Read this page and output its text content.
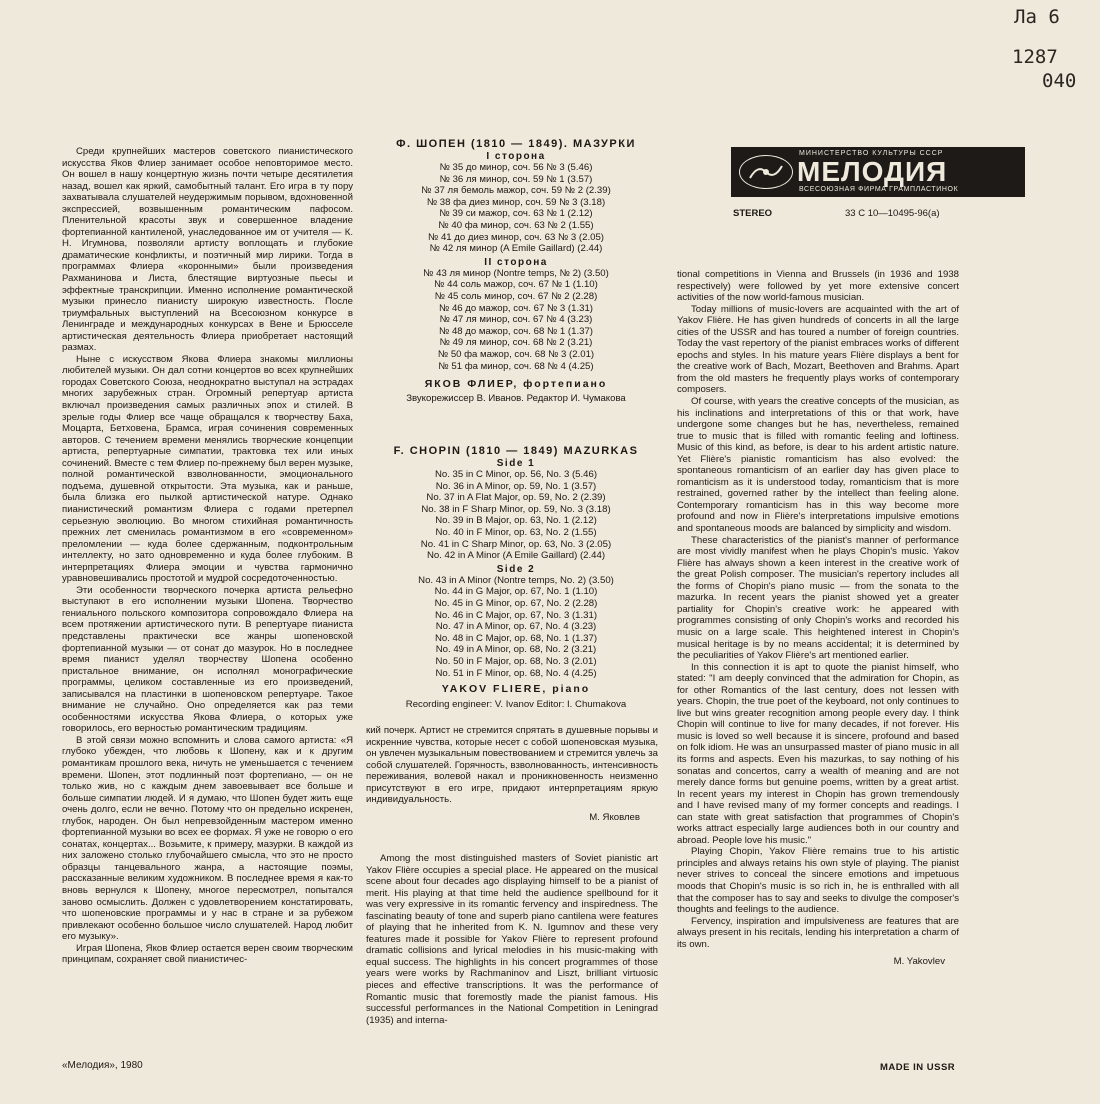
Ла 6
1287
040
МИНИСТЕРСТВО КУЛЬТУРЫ СССР
МЕЛОДИЯ
ВСЕСОЮЗНАЯ ФИРМА ГРАМПЛАСТИНОК
STEREO	33 С 10—10495-96(а)

Среди крупнейших мастеров советского пианистического искусства Яков Флиер занимает особое неповторимое место. Он вошел в нашу концертную жизнь почти четыре десятилетия назад, вошел как яркий, самобытный талант. Его игра в ту пору захватывала слушателей неудержимым порывом, вдохновенной экспрессией, возвышенным романтическим пафосом. Пленительной красоты звук и совершенное владение фортепианной кантиленой, унаследованное им от учителя — К. Н. Игумнова, позволяли артисту воплощать и глубокие драматические конфликты, и поэтичный мир лирики. Тогда в программах Флиера «коронными» были произведения Рахманинова и Листа, блестящие виртуозные пьесы и эффектные транскрипции. Именно исполнение романтической музыки принесло пианисту широкую известность. После триумфальных выступлений на Всесоюзном конкурсе в Ленинграде и международных конкурсах в Вене и Брюсселе артистическая деятельность Флиера приобретает настоящий размах.

Ныне с искусством Якова Флиера знакомы миллионы любителей музыки. Он дал сотни концертов во всех крупнейших городах Советского Союза, неоднократно выступал на эстрадах многих зарубежных стран. Огромный репертуар артиста включал произведения самых различных эпох и стилей. В зрелые годы Флиер все чаще обращался к творчеству Баха, Моцарта, Бетховена, Брамса, играя сочинения современных авторов. С течением времени менялись творческие концепции артиста, репертуарные симпатии, трактовка тех или иных сочинений. Вместе с тем Флиер по-прежнему был верен музыке, полной романтической взволнованности, эмоционального подъема, душевной открытости. Эта музыка, как и раньше, была близка его пылкой артистической натуре. Однако пианистический романтизм Флиера с годами претерпел серьезную эволюцию. Во многом стихийная романтичность прежних лет сменилась романтизмом в его «современном» преломлении — куда более сдержанным, подконтрольным интеллекту, но зато одновременно и куда более глубоким. В интерпретациях Флиера эмоции и чувства гармонично уравновешивались простотой и мудрой сосредоточенностью.

Эти особенности творческого почерка артиста рельефно выступают в его исполнении музыки Шопена. Творчество гениального польского композитора сопровождало Флиера на всем протяжении артистического пути. В репертуаре пианиста представлены практически все жанры шопеновской фортепианной музыки — от сонат до мазурок. Но в последнее время пианист уделял творчеству Шопена особенно пристальное внимание, он исполнял монографические программы, целиком составленные из его произведений, записывался на пластинки в шопеновском репертуаре. Такое внимание не случайно. Оно определяется как раз теми особенностями искусства Якова Флиера, о которых уже говорилось, его верностью романтическим традициям.

В этой связи можно вспомнить и слова самого артиста: «Я глубоко убежден, что любовь к Шопену, как и к другим романтикам прошлого века, ничуть не уменьшается с течением времени. Шопен, этот подлинный поэт фортепиано, — он не только жив, но с каждым днем завоевывает все больше и больше симпатии людей. И я думаю, что Шопен будет жить еще очень долго, если не вечно. Потому что он предельно искренен, глубок, народен. Он был непревзойденным мастером именно фортепианной музыки во всех ее формах. Я уже не говорю о его сонатах, концертах... Возьмите, к примеру, мазурки. В каждой из них заложено столько глубочайшего смысла, что это не просто образцы танцевального жанра, а настоящие поэмы, рассказанные великим художником. В последнее время я как-то вновь вернулся к Шопену, многое пересмотрел, попытался заново осмыслить. Должен с удовлетворением констатировать, что шопеновские программы и у нас в стране и за рубежом привлекают особенно большое число слушателей. Народ любит его музыку».

Играя Шопена, Яков Флиер остается верен своим творческим принципам, сохраняет свой пианистичес-

Ф. ШОПЕН (1810 — 1849). МАЗУРКИ
I сторона
№ 35 до минор, соч. 56 № 3 (5.46)
№ 36 ля минор, соч. 59 № 1 (3.57)
№ 37 ля бемоль мажор, соч. 59 № 2 (2.39)
№ 38 фа диез минор, соч. 59 № 3 (3.18)
№ 39 си мажор, соч. 63 № 1 (2.12)
№ 40 фа минор, соч. 63 № 2 (1.55)
№ 41 до диез минор, соч. 63 № 3 (2.05)
№ 42 ля минор (A Emile Gaillard) (2.44)
II сторона
№ 43 ля минор (Nontre temps, № 2) (3.50)
№ 44 соль мажор, соч. 67 № 1 (1.10)
№ 45 соль минор, соч. 67 № 2 (2.28)
№ 46 до мажор, соч. 67 № 3 (1.31)
№ 47 ля минор, соч. 67 № 4 (3.23)
№ 48 до мажор, соч. 68 № 1 (1.37)
№ 49 ля минор, соч. 68 № 2 (3.21)
№ 50 фа мажор, соч. 68 № 3 (2.01)
№ 51 фа минор, соч. 68 № 4 (4.25)
ЯКОВ ФЛИЕР, фортепиано
Звукорежиссер В. Иванов. Редактор И. Чумакова
F. CHOPIN (1810 — 1849) MAZURKAS
Side 1
No. 35 in C Minor, op. 56, No. 3 (5.46)
No. 36 in A Minor, op. 59, No. 1 (3.57)
No. 37 in A Flat Major, op. 59, No. 2 (2.39)
No. 38 in F Sharp Minor, op. 59, No. 3 (3.18)
No. 39 in B Major, op. 63, No. 1 (2.12)
No. 40 in F Minor, op. 63, No. 2 (1.55)
No. 41 in C Sharp Minor, op. 63, No. 3 (2.05)
No. 42 in A Minor (A Emile Gaillard) (2.44)
Side 2
No. 43 in A Minor (Nontre temps, No. 2) (3.50)
No. 44 in G Major, op. 67, No. 1 (1.10)
No. 45 in G Minor, op. 67, No. 2 (2.28)
No. 46 in C Major, op. 67, No. 3 (1.31)
No. 47 in A Minor, op. 67, No. 4 (3.23)
No. 48 in C Major, op. 68, No. 1 (1.37)
No. 49 in A Minor, op. 68, No. 2 (3.21)
No. 50 in F Major, op. 68, No. 3 (2.01)
No. 51 in F Minor, op. 68, No. 4 (4.25)
YAKOV FLIERE, piano
Recording engineer: V. Ivanov Editor: I. Chumakova

кий почерк. Артист не стремится спрятать в душевные порывы и искренние чувства, которые несет с собой шопеновская музыка, он увлечен музыкальным повествованием и стремится увлечь за собой слушателей. Горячность, взволнованность, интенсивность переживания, волевой накал и проникновенность неизменно присутствуют в его игре, придают интерпретациям яркую индивидуальность.

М. Яковлев

Among the most distinguished masters of Soviet pianistic art Yakov Flière occupies a special place. He appeared on the musical scene about four decades ago displaying himself to be a pianist of merit. His playing at that time held the audience spellbound for it was very expressive in its romantic fervency and inspiredness. The fascinating beauty of tone and superb piano cantilena were features of playing that he inherited from K. N. Igumnov and these very features made it possible for Yakov Flière to represent profound dramatic collisions and lyrical melodies in his music-making with equal success. The highlights in his concert programmes of those years were works by Rachmaninov and Liszt, brilliant virtuosic pieces and effective transcriptions. It was the performance of Romantic music that foremostly made the pianist famous. His successful performances in the National Competition in Leningrad (1935) and interna-

tional competitions in Vienna and Brussels (in 1936 and 1938 respectively) were followed by yet more extensive concert activities of the now world-famous musician.

Today millions of music-lovers are acquainted with the art of Yakov Flière. He has given hundreds of concerts in all the large cities of the USSR and has toured a number of foreign countries. Today the vast repertory of the pianist embraces works of different epochs and styles. In his mature years Flière displays a bent for the creative work of Bach, Mozart, Beethoven and Brahms. Apart from the old masters he frequently plays works of contemporary composers.

Of course, with years the creative concepts of the musician, as his inclinations and interpretations of this or that work, have undergone some changes but he has, nevertheless, remained true to music that is filled with romantic feeling and loftiness. Music of this kind, as before, is dear to his ardent artistic nature. Yet Flière's pianistic romanticism has also evolved: the spontaneous romanticism of an earlier day has given place to romanticism as it is understood today, romanticism that is more restrained, governed rather by the intellect than feeling alone. Contemporary romanticism has in this way become more profound and now in Flière's interpretations impulsive emotions and spontaneous moods are balanced by simplicity and wisdom.

These characteristics of the pianist's manner of performance are most vividly manifest when he plays Chopin's music. Yakov Flière has always shown a keen interest in the creative work of the great Polish composer. The musician's repertory includes all the forms of Chopin's piano music — from the sonata to the mazurka. In recent years the pianist showed yet a greater partiality for Chopin's creative work: he appeared with programmes consisting of only Chopin's works and recorded his music on a large scale. This heightened interest in Chopin's musical heritage is by no means accidental; it is determined by the peculiarities of Yakov Flière's art mentioned earlier.

In this connection it is apt to quote the pianist himself, who stated: "I am deeply convinced that the admiration for Chopin, as for other Romantics of the last century, does not lessen with years. Chopin, the true poet of the keyboard, not only continues to live but wins greater recognition among people every day. I think Chopin will continue to live for many decades, if not forever. His music is loved so well because it is sincere, profound and based on folk idiom. He was an unsurpassed master of piano music in all its forms and aspects. Even his mazurkas, to say nothing of his sonatas and concertos, carry a wealth of meaning and are not merely dance forms but genuine poems, written by a great artist. In recent years my interest in Chopin has grown tremendously and I have revised many of my former concepts and readings. I can state with great satisfaction that programmes of Chopin's works attract especially large audiences both in our country and abroad. People love his music."

Playing Chopin, Yakov Flière remains true to his artistic principles and always retains his own style of playing. The pianist never strives to conceal the sincere emotions and impetuous moods that Chopin's music is so rich in, he is enthralled with all that the composer has to say and seeks to divulge the composer's thoughts and feelings to the audience.

Fervency, inspiration and impulsiveness are features that are always present in his recitals, lending his interpretation a charm of its own.

M. Yakovlev
«Мелодия», 1980	MADE IN USSR
